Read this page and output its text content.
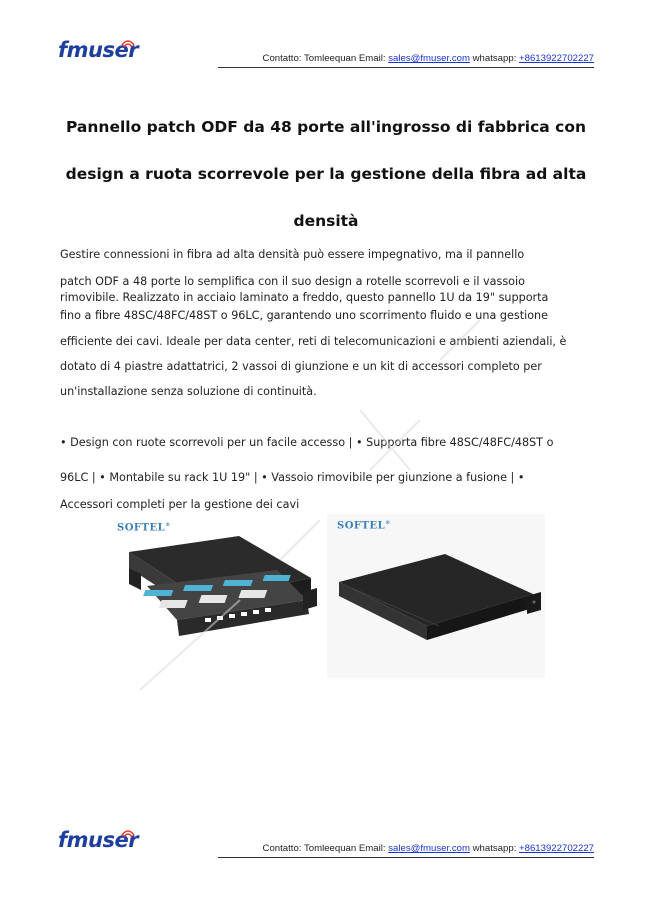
fmuser	Contatto: Tomleequan Email: sales@fmuser.com whatsapp: +8613922702227

Pannello patch ODF da 48 porte all'ingrosso di fabbrica con

design a ruota scorrevole per la gestione della fibra ad alta

densità

Gestire connessioni in fibra ad alta densità può essere impegnativo, ma il pannello
patch ODF a 48 porte lo semplifica con il suo design a rotelle scorrevoli e il vassoio
rimovibile. Realizzato in acciaio laminato a freddo, questo pannello 1U da 19" supporta
fino a fibre 48SC/48FC/48ST o 96LC, garantendo uno scorrimento fluido e una gestione
efficiente dei cavi. Ideale per data center, reti di telecomunicazioni e ambienti aziendali, è
dotato di 4 piastre adattatrici, 2 vassoi di giunzione e un kit di accessori completo per
un'installazione senza soluzione di continuità.
• Design con ruote scorrevoli per un facile accesso | • Supporta fibre 48SC/48FC/48ST o
96LC | • Montabile su rack 1U 19" | • Vassoio rimovibile per giunzione a fusione | •
Accessori completi per la gestione dei cavi
SOFTEL®	SOFTEL®
fmuser	Contatto: Tomleequan Email: sales@fmuser.com whatsapp: +8613922702227
